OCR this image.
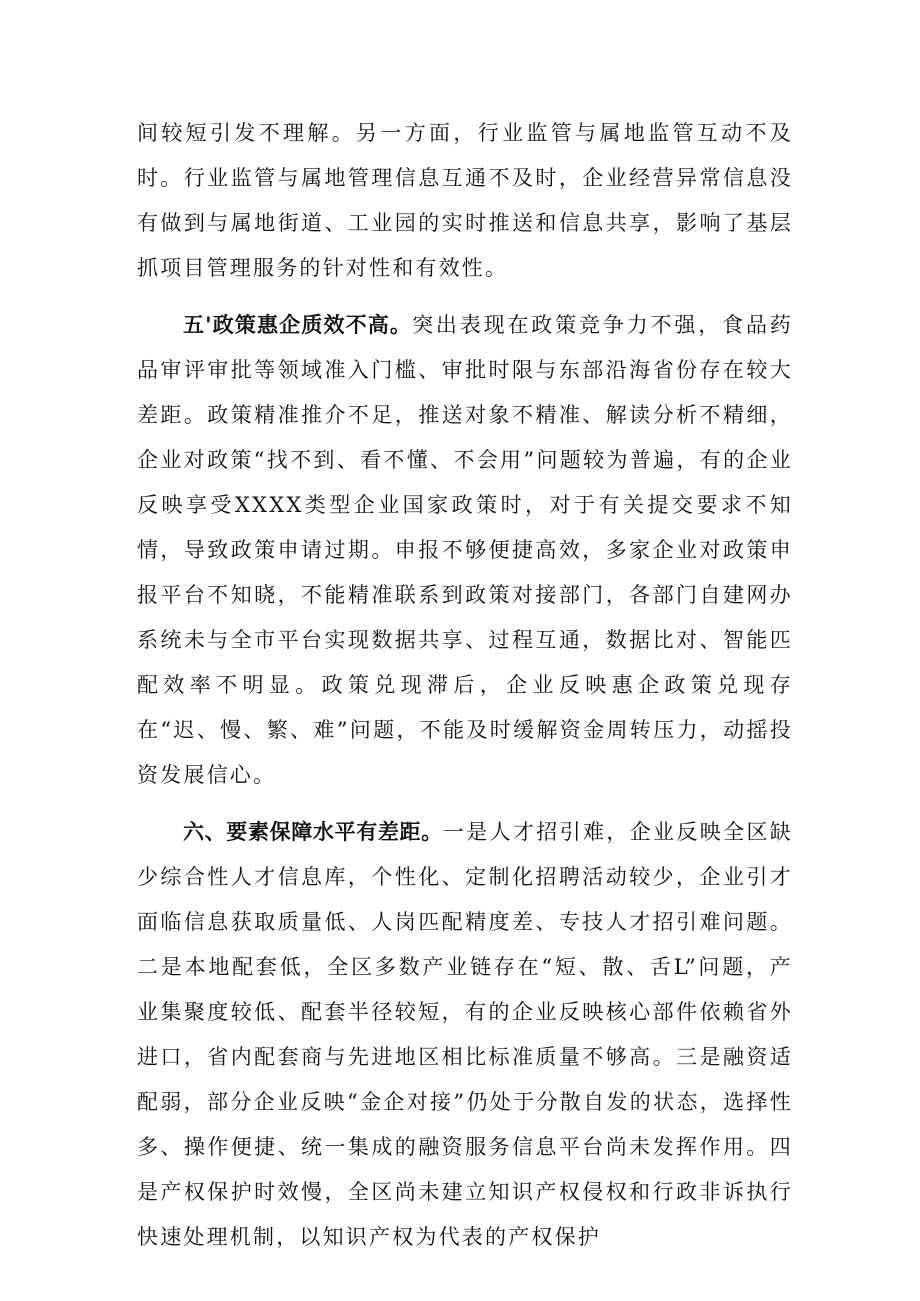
间较短引发不理解。另一方面，行业监管与属地监管互动不及时。行业监管与属地管理信息互通不及时，企业经营异常信息没有做到与属地街道、工业园的实时推送和信息共享，影响了基层抓项目管理服务的针对性和有效性。

五'政策惠企质效不高。突出表现在政策竞争力不强，食品药品审评审批等领域准入门槛、审批时限与东部沿海省份存在较大差距。政策精准推介不足，推送对象不精准、解读分析不精细，企业对政策“找不到、看不懂、不会用”问题较为普遍，有的企业反映享受XXXX类型企业国家政策时，对于有关提交要求不知情，导致政策申请过期。申报不够便捷高效，多家企业对政策申报平台不知晓，不能精准联系到政策对接部门，各部门自建网办系统未与全市平台实现数据共享、过程互通，数据比对、智能匹配效率不明显。政策兑现滞后，企业反映惠企政策兑现存在“迟、慢、繁、难”问题，不能及时缓解资金周转压力，动摇投资发展信心。

六、要素保障水平有差距。一是人才招引难，企业反映全区缺少综合性人才信息库，个性化、定制化招聘活动较少，企业引才面临信息获取质量低、人岗匹配精度差、专技人才招引难问题。二是本地配套低，全区多数产业链存在“短、散、舌L”问题，产业集聚度较低、配套半径较短，有的企业反映核心部件依赖省外进口，省内配套商与先进地区相比标准质量不够高。三是融资适配弱，部分企业反映“金企对接”仍处于分散自发的状态，选择性多、操作便捷、统一集成的融资服务信息平台尚未发挥作用。四是产权保护时效慢，全区尚未建立知识产权侵权和行政非诉执行快速处理机制，以知识产权为代表的产权保护
